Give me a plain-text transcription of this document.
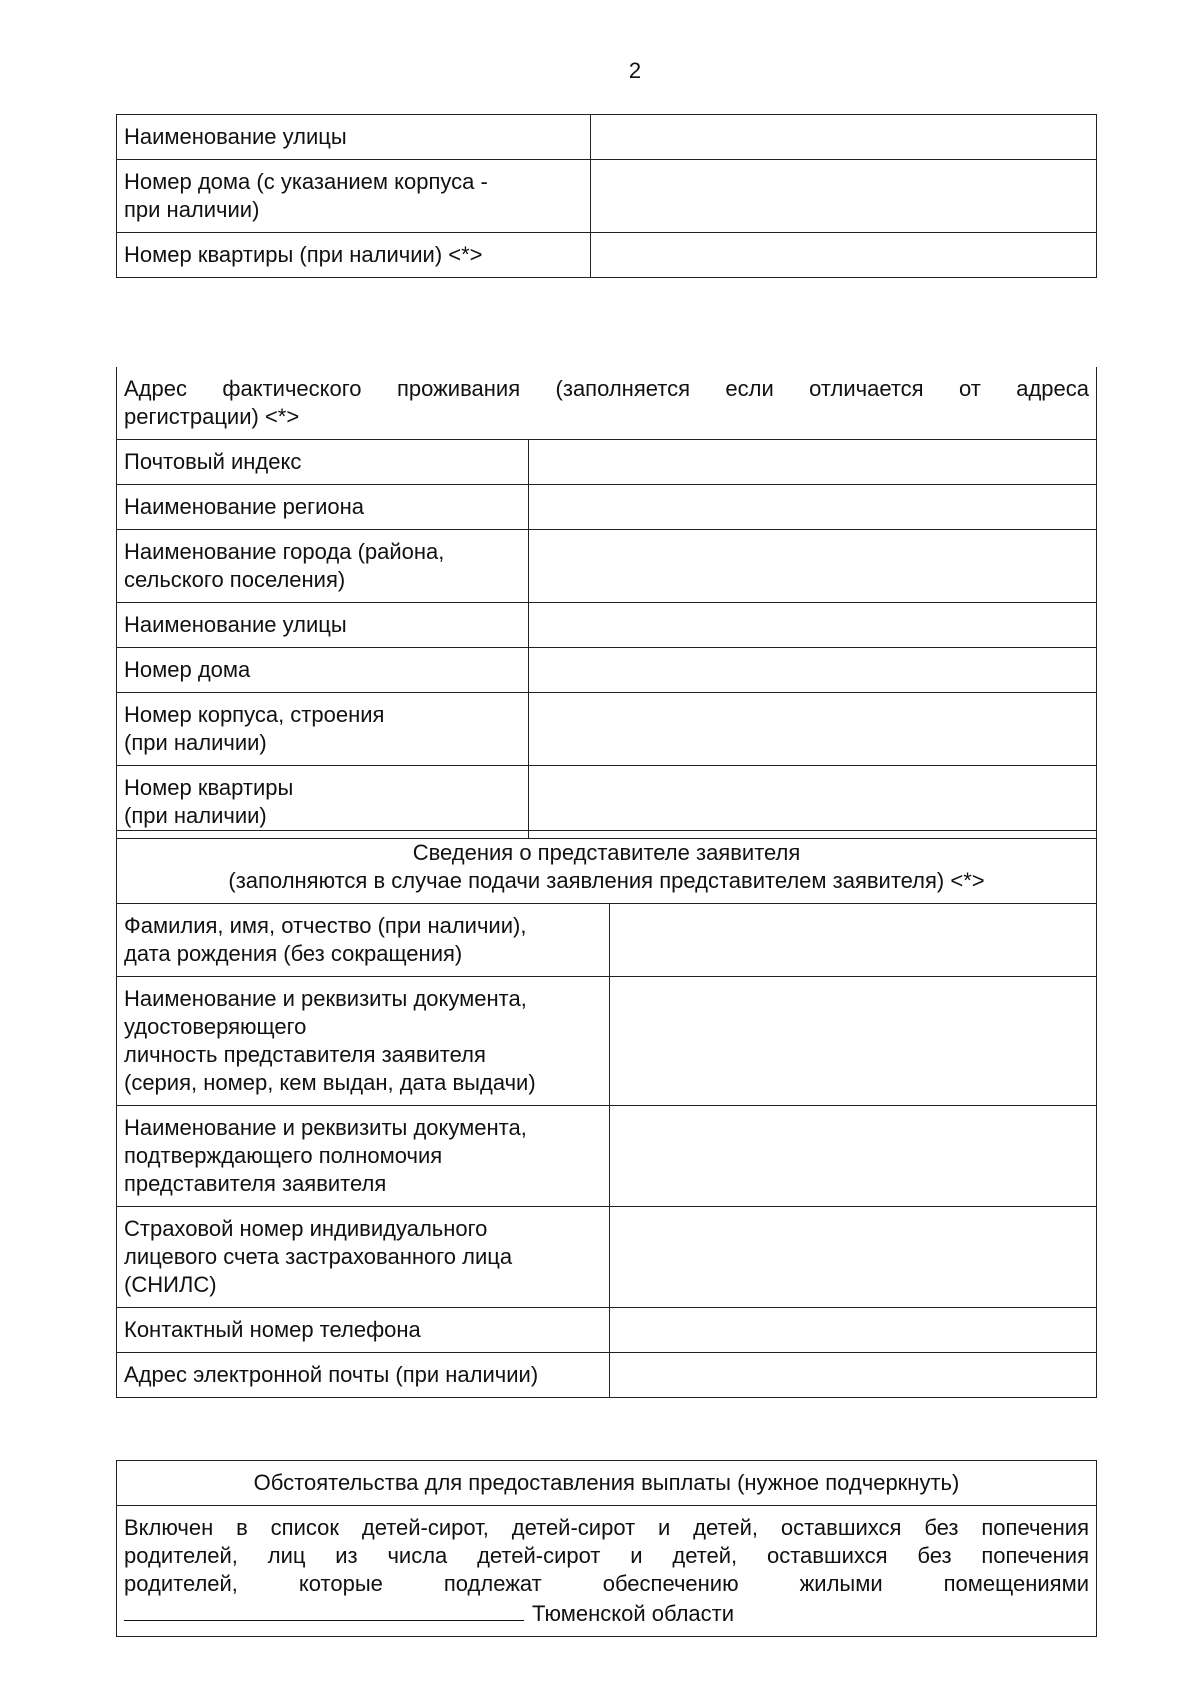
2
Наименование улицы	

Номер дома (с указанием корпуса -
при наличии)	

Номер квартиры (при наличии) <*>	
Адрес фактического проживания (заполняется если отличается от адреса
регистрации) <*>	

Почтовый индекс	
Наименование региона	

Наименование города (района,
сельского поселения)	

Наименование улицы	
Номер дома	

Номер корпуса, строения
(при наличии)	

Номер квартиры
(при наличии)	

Сведения о представителе заявителя
(заполняются в случае подачи заявления представителем заявителя) <*>	

Фамилия, имя, отчество (при наличии),
дата рождения (без сокращения)	

Наименование и реквизиты документа,
удостоверяющего
личность представителя заявителя
(серия, номер, кем выдан, дата выдачи)	

Наименование и реквизиты документа,
подтверждающего полномочия
представителя заявителя	

Страховой номер индивидуального
лицевого счета застрахованного лица
(СНИЛС)	

Контактный номер телефона	
Адрес электронной почты (при наличии)	
Обстоятельства для предоставления выплаты (нужное подчеркнуть)

Включен в список детей-сирот, детей-сирот и детей, оставшихся без попечения
родителей, лиц из числа детей-сирот и детей, оставшихся без попечения
родителей, которые подлежат обеспечению жилыми помещениями
Тюменской области
